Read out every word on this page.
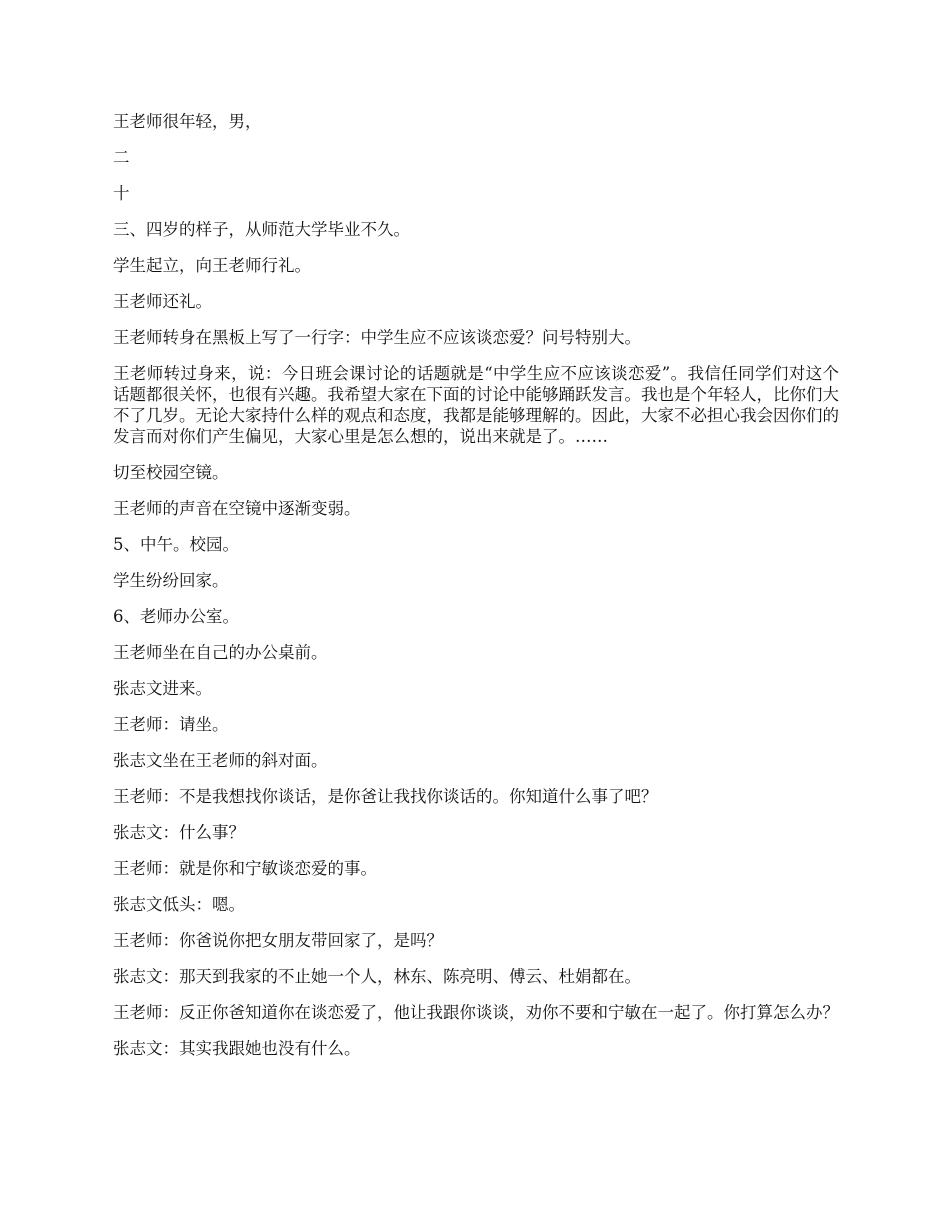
王老师很年轻，男，

二

十

三、四岁的样子，从师范大学毕业不久。

学生起立，向王老师行礼。

王老师还礼。

王老师转身在黑板上写了一行字：中学生应不应该谈恋爱？问号特别大。

王老师转过身来，说：今日班会课讨论的话题就是“中学生应不应该谈恋爱”。我信任同学们对这个话题都很关怀，也很有兴趣。我希望大家在下面的讨论中能够踊跃发言。我也是个年轻人，比你们大不了几岁。无论大家持什么样的观点和态度，我都是能够理解的。因此，大家不必担心我会因你们的发言而对你们产生偏见，大家心里是怎么想的，说出来就是了。……

切至校园空镜。

王老师的声音在空镜中逐渐变弱。

5、中午。校园。

学生纷纷回家。

6、老师办公室。

王老师坐在自己的办公桌前。

张志文进来。

王老师：请坐。

张志文坐在王老师的斜对面。

王老师：不是我想找你谈话，是你爸让我找你谈话的。你知道什么事了吧？

张志文：什么事？

王老师：就是你和宁敏谈恋爱的事。

张志文低头：嗯。

王老师：你爸说你把女朋友带回家了，是吗？

张志文：那天到我家的不止她一个人，林东、陈亮明、傅云、杜娟都在。

王老师：反正你爸知道你在谈恋爱了，他让我跟你谈谈，劝你不要和宁敏在一起了。你打算怎么办？

张志文：其实我跟她也没有什么。
